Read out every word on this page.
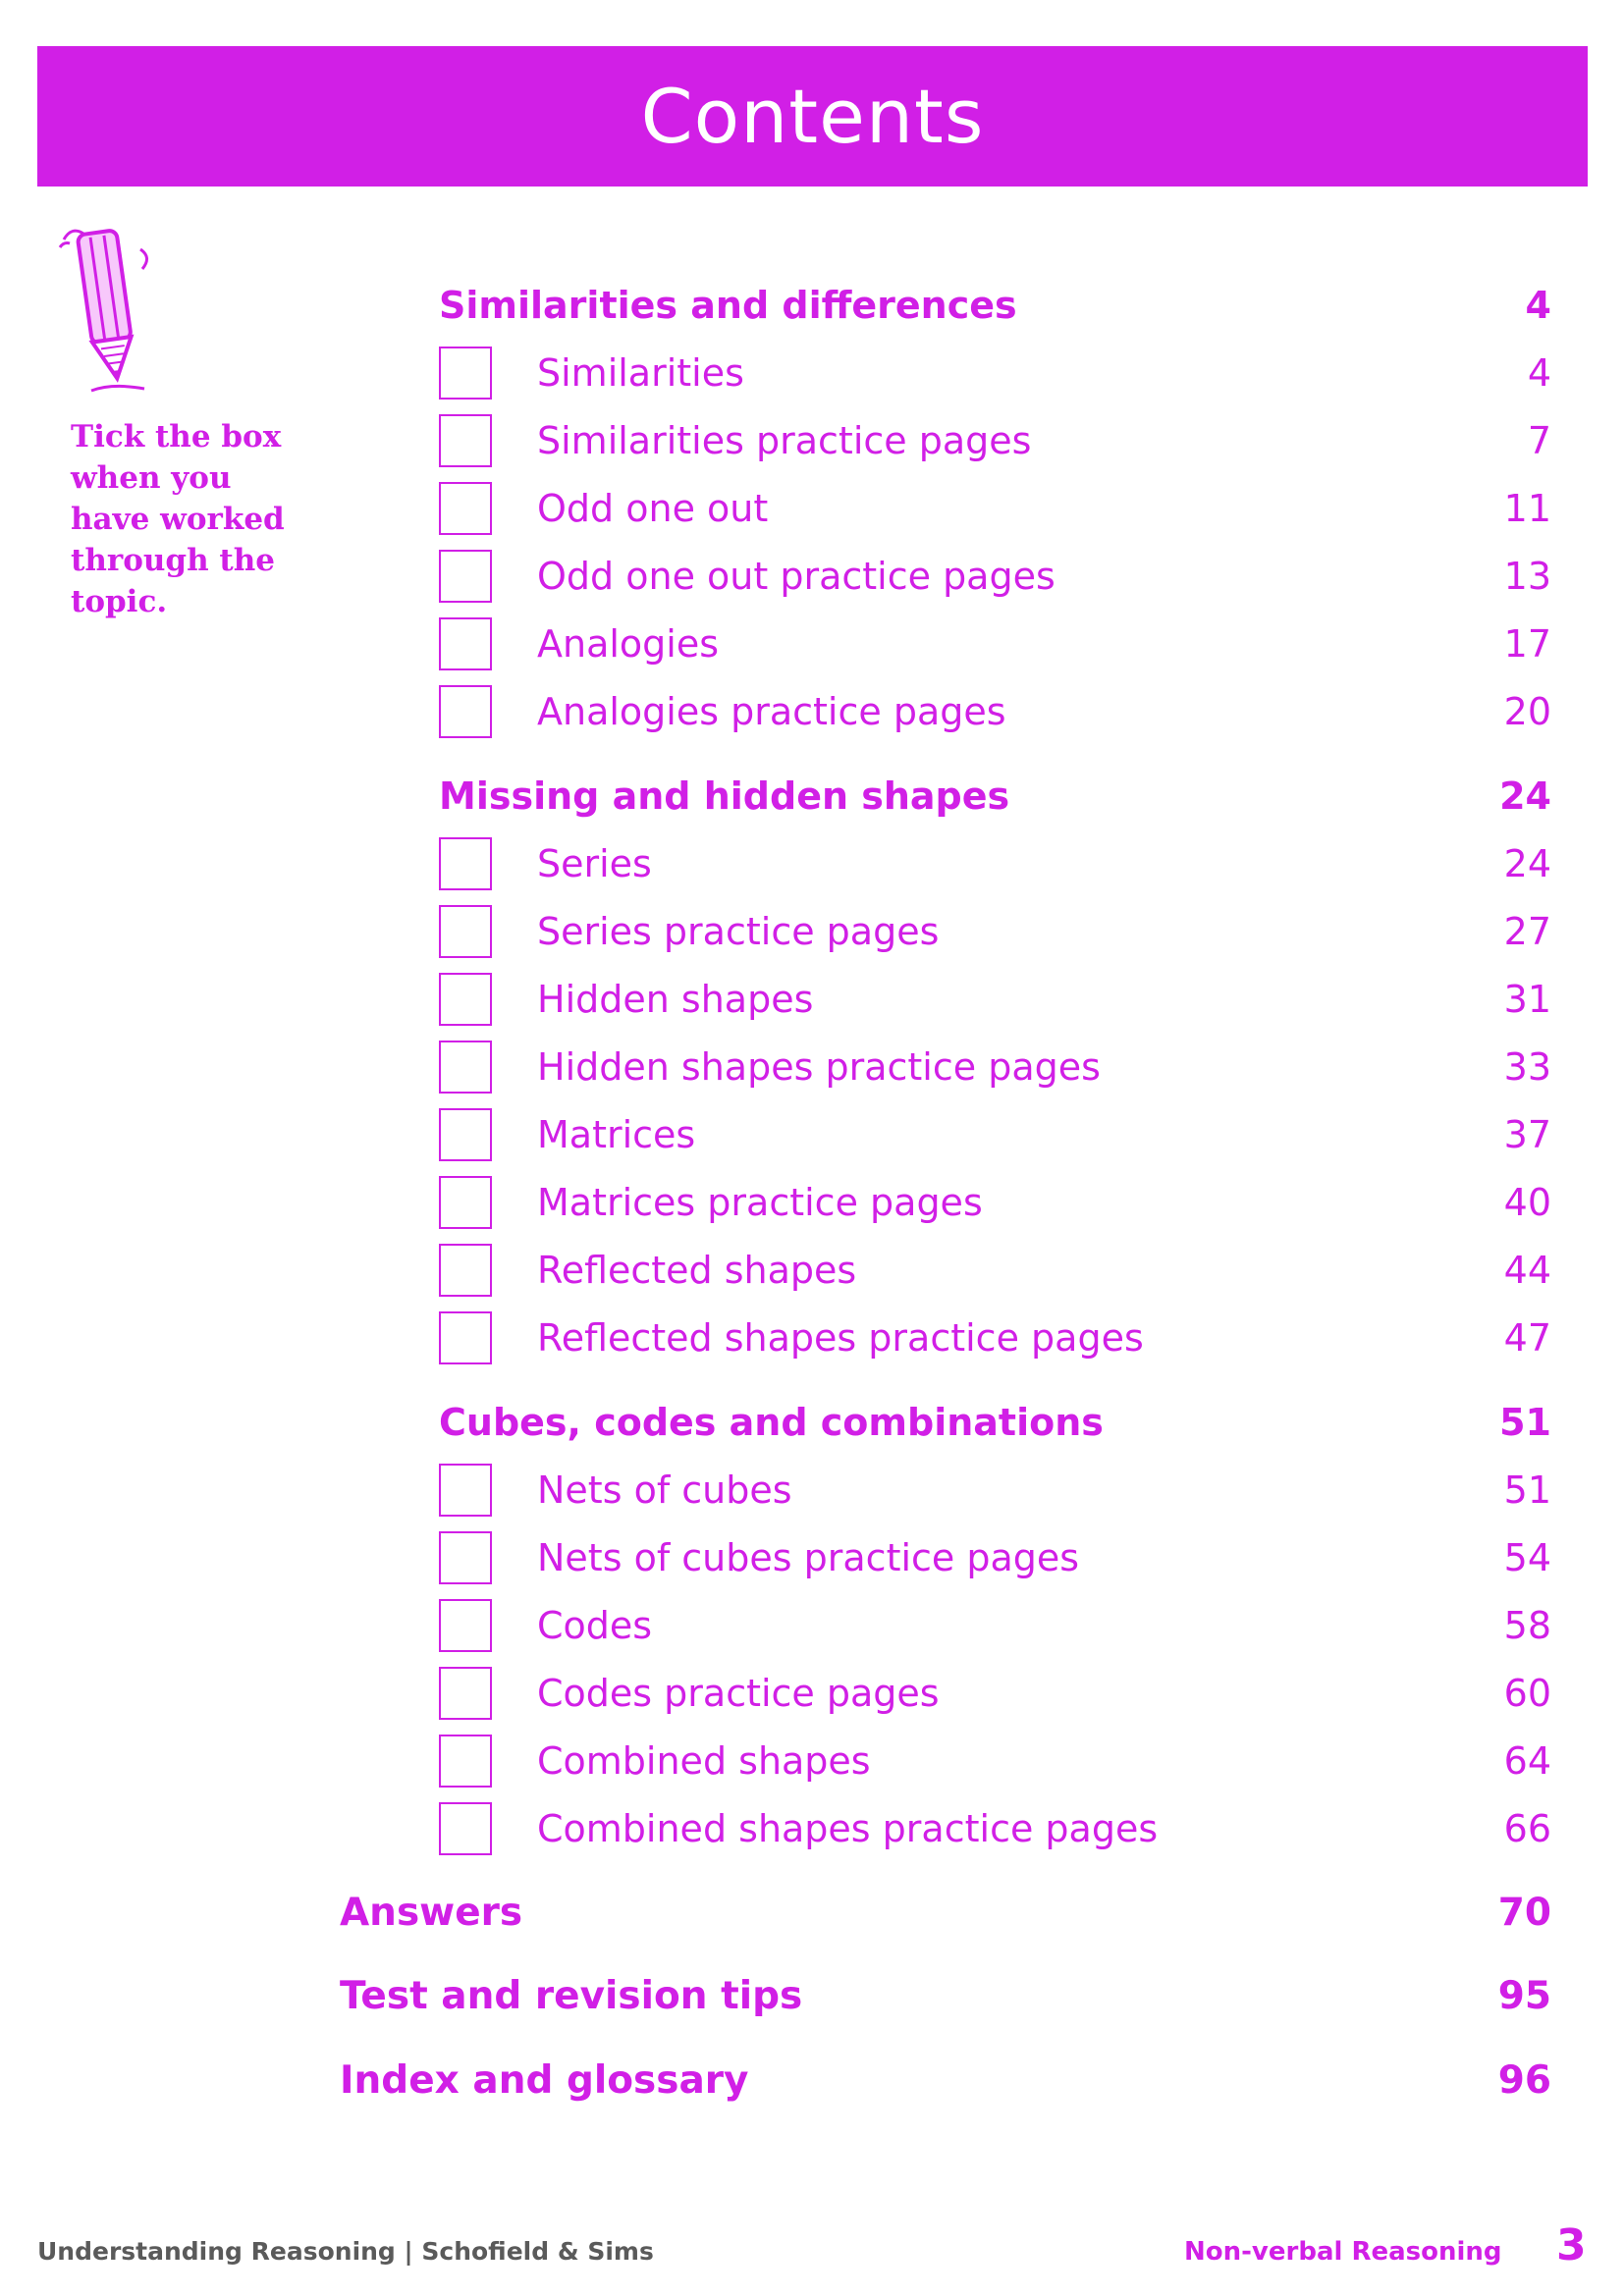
Contents
Tick the box when you have worked through the topic.
Similarities and differences	4
Similarities	4
Similarities practice pages	7
Odd one out	11
Odd one out practice pages	13
Analogies	17
Analogies practice pages	20
Missing and hidden shapes	24
Series	24
Series practice pages	27
Hidden shapes	31
Hidden shapes practice pages	33
Matrices	37
Matrices practice pages	40
Reflected shapes	44
Reflected shapes practice pages	47
Cubes, codes and combinations	51
Nets of cubes	51
Nets of cubes practice pages	54
Codes	58
Codes practice pages	60
Combined shapes	64
Combined shapes practice pages	66
Answers	70
Test and revision tips	95
Index and glossary	96
Understanding Reasoning | Schofield & Sims	Non-verbal Reasoning 3
